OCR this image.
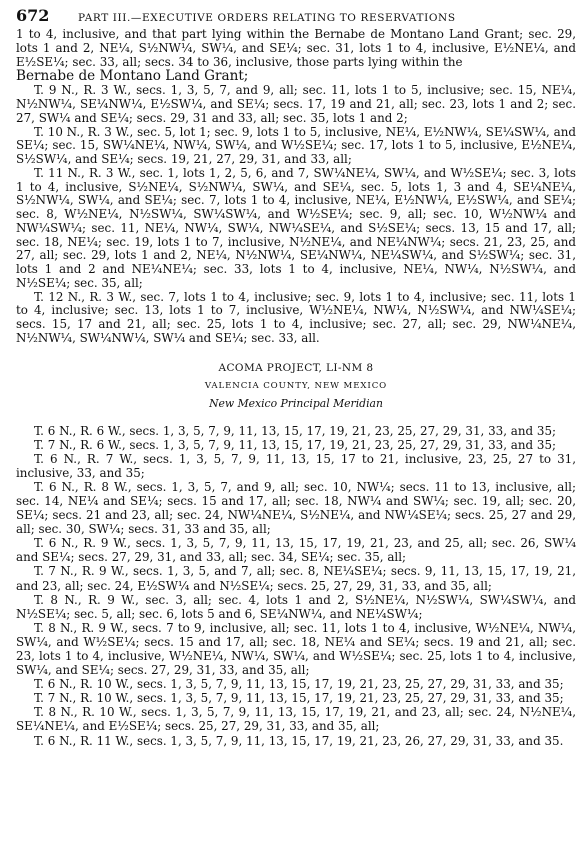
672	PART III.—EXECUTIVE ORDERS RELATING TO RESERVATIONS

1 to 4, inclusive, and that part lying within the Bernabe de Montano Land Grant; sec. 29, lots 1 and 2, NE¼, S½NW¼, SW¼, and SE¼; sec. 31, lots 1 to 4, inclusive, E½NE¼, and E½SE¼; sec. 33, all; secs. 34 to 36, inclusive, those parts lying within the
Bernabe de Montano Land Grant;

T. 9 N., R. 3 W., secs. 1, 3, 5, 7, and 9, all; sec. 11, lots 1 to 5, inclusive; sec. 15, NE¼, N½NW¼, SE¼NW¼, E½SW¼, and SE¼; secs. 17, 19 and 21, all; sec. 23, lots 1 and 2; sec. 27, SW¼ and SE¼; secs. 29, 31 and 33, all; sec. 35, lots 1 and 2;

T. 10 N., R. 3 W., sec. 5, lot 1; sec. 9, lots 1 to 5, inclusive, NE¼, E½NW¼, SE¼SW¼, and SE¼; sec. 15, SW¼NE¼, NW¼, SW¼, and W½SE¼; sec. 17, lots 1 to 5, inclusive, E½NE¼, S½SW¼, and SE¼; secs. 19, 21, 27, 29, 31, and 33, all;

T. 11 N., R. 3 W., sec. 1, lots 1, 2, 5, 6, and 7, SW¼NE¼, SW¼, and W½SE¼; sec. 3, lots 1 to 4, inclusive, S½NE¼, S½NW¼, SW¼, and SE¼, sec. 5, lots 1, 3 and 4, SE¼NE¼, S½NW¼, SW¼, and SE¼; sec. 7, lots 1 to 4, inclusive, NE¼, E½NW¼, E½SW¼, and SE¼; sec. 8, W½NE¼, N½SW¼, SW¼SW¼, and W½SE¼; sec. 9, all; sec. 10, W½NW¼ and NW¼SW¼; sec. 11, NE¼, NW¼, SW¼, NW¼SE¼, and S½SE¼; secs. 13, 15 and 17, all; sec. 18, NE¼; sec. 19, lots 1 to 7, inclusive, N½NE¼, and NE¼NW¼; secs. 21, 23, 25, and 27, all; sec. 29, lots 1 and 2, NE¼, N½NW¼, SE¼NW¼, NE¼SW¼, and S½SW¼; sec. 31, lots 1 and 2 and NE¼NE¼; sec. 33, lots 1 to 4, inclusive, NE¼, NW¼, N½SW¼, and N½SE¼; sec. 35, all;

T. 12 N., R. 3 W., sec. 7, lots 1 to 4, inclusive; sec. 9, lots 1 to 4, inclusive; sec. 11, lots 1 to 4, inclusive; sec. 13, lots 1 to 7, inclusive, W½NE¼, NW¼, N½SW¼, and NW¼SE¼; secs. 15, 17 and 21, all; sec. 25, lots 1 to 4, inclusive; sec. 27, all; sec. 29, NW¼NE¼, N½NW¼, SW¼NW¼, SW¼ and SE¼; sec. 33, all.

ACOMA PROJECT, LI-NM 8

VALENCIA COUNTY, NEW MEXICO

New Mexico Principal Meridian

T. 6 N., R. 6 W., secs. 1, 3, 5, 7, 9, 11, 13, 15, 17, 19, 21, 23, 25, 27, 29, 31, 33, and 35;

T. 7 N., R. 6 W., secs. 1, 3, 5, 7, 9, 11, 13, 15, 17, 19, 21, 23, 25, 27, 29, 31, 33, and 35;

T. 6 N., R. 7 W., secs. 1, 3, 5, 7, 9, 11, 13, 15, 17 to 21, inclusive, 23, 25, 27 to 31, inclusive, 33, and 35;

T. 6 N., R. 8 W., secs. 1, 3, 5, 7, and 9, all; sec. 10, NW¼; secs. 11 to 13, inclusive, all; sec. 14, NE¼ and SE¼; secs. 15 and 17, all; sec. 18, NW¼ and SW¼; sec. 19, all; sec. 20, SE¼; secs. 21 and 23, all; sec. 24, NW¼NE¼, S½NE¼, and NW¼SE¼; secs. 25, 27 and 29, all; sec. 30, SW¼; secs. 31, 33 and 35, all;

T. 6 N., R. 9 W., secs. 1, 3, 5, 7, 9, 11, 13, 15, 17, 19, 21, 23, and 25, all; sec. 26, SW¼ and SE¼; secs. 27, 29, 31, and 33, all; sec. 34, SE¼; sec. 35, all;

T. 7 N., R. 9 W., secs. 1, 3, 5, and 7, all; sec. 8, NE¼SE¼; secs. 9, 11, 13, 15, 17, 19, 21, and 23, all; sec. 24, E½SW¼ and N½SE¼; secs. 25, 27, 29, 31, 33, and 35, all;

T. 8 N., R. 9 W., sec. 3, all; sec. 4, lots 1 and 2, S½NE¼, N½SW¼, SW¼SW¼, and N½SE¼; sec. 5, all; sec. 6, lots 5 and 6, SE¼NW¼, and NE¼SW¼;

T. 8 N., R. 9 W., secs. 7 to 9, inclusive, all; sec. 11, lots 1 to 4, inclusive, W½NE¼, NW¼, SW¼, and W½SE¼; secs. 15 and 17, all; sec. 18, NE¼ and SE¼; secs. 19 and 21, all; sec. 23, lots 1 to 4, inclusive, W½NE¼, NW¼, SW¼, and W½SE¼; sec. 25, lots 1 to 4, inclusive, SW¼, and SE¼; secs. 27, 29, 31, 33, and 35, all;

T. 6 N., R. 10 W., secs. 1, 3, 5, 7, 9, 11, 13, 15, 17, 19, 21, 23, 25, 27, 29, 31, 33, and 35;

T. 7 N., R. 10 W., secs. 1, 3, 5, 7, 9, 11, 13, 15, 17, 19, 21, 23, 25, 27, 29, 31, 33, and 35;

T. 8 N., R. 10 W., secs. 1, 3, 5, 7, 9, 11, 13, 15, 17, 19, 21, and 23, all; sec. 24, N½NE¼, SE¼NE¼, and E½SE¼; secs. 25, 27, 29, 31, 33, and 35, all;

T. 6 N., R. 11 W., secs. 1, 3, 5, 7, 9, 11, 13, 15, 17, 19, 21, 23, 26, 27, 29, 31, 33, and 35.
